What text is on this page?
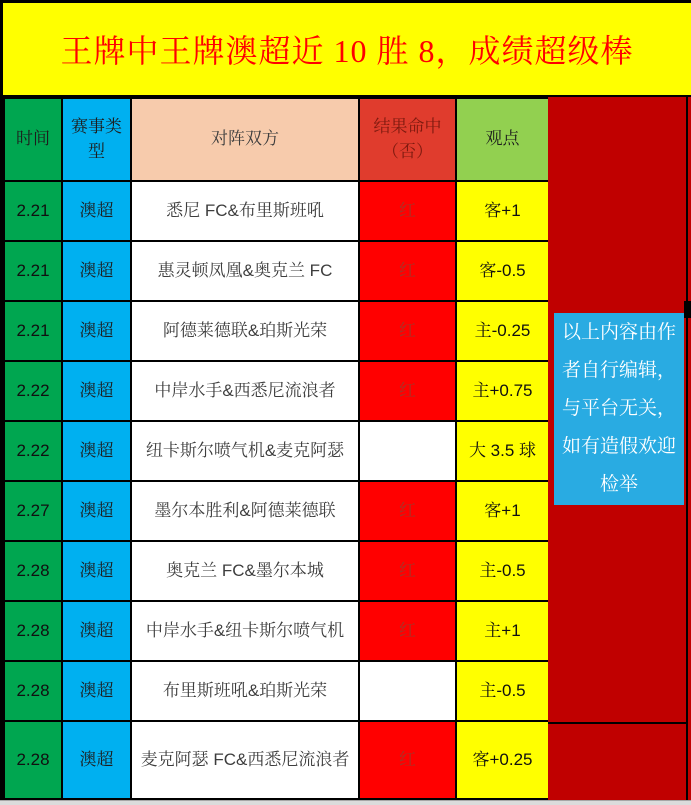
王牌中王牌澳超近 10 胜 8，成绩超级棒
时间	赛事类型	对阵双方	结果命中（否）	观点
2.21	澳超	悉尼 FC&布里斯班吼	红	客+1
2.21	澳超	惠灵顿凤凰&奥克兰 FC	红	客-0.5
2.21	澳超	阿德莱德联&珀斯光荣	红	主-0.25
2.22	澳超	中岸水手&西悉尼流浪者	红	主+0.75
2.22	澳超	纽卡斯尔喷气机&麦克阿瑟		大 3.5 球
2.27	澳超	墨尔本胜利&阿德莱德联	红	客+1
2.28	澳超	奥克兰 FC&墨尔本城	红	主-0.5
2.28	澳超	中岸水手&纽卡斯尔喷气机	红	主+1
2.28	澳超	布里斯班吼&珀斯光荣		主-0.5
2.28	澳超	麦克阿瑟 FC&西悉尼流浪者	红	客+0.25
以上内容由作者自行编辑，与平台无关，如有造假欢迎检举
